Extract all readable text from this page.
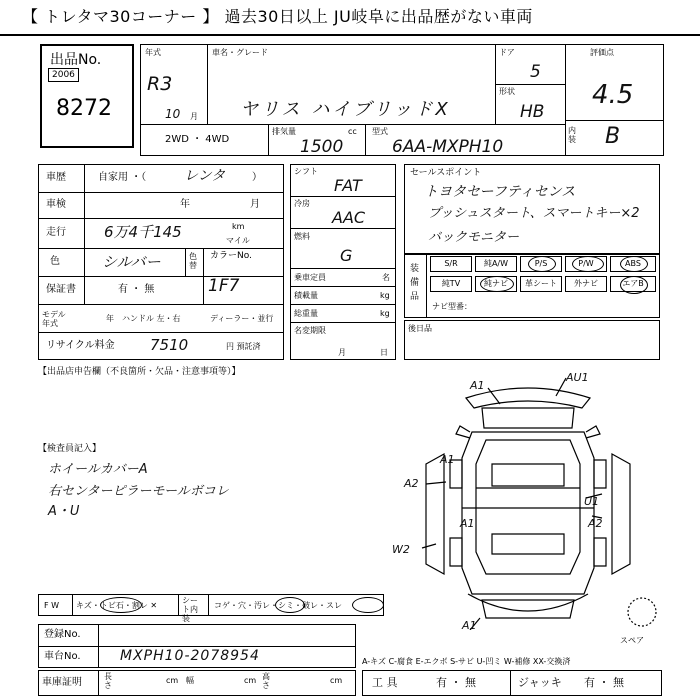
【 トレタマ30コーナー 】 過去30日以上 JU岐阜に出品歴がない車両
出品No.
2006
8272
年式
R3
10 月
車名・グレード
ヤリス ハイブリッドX
ドア
5
形状
HB
評価点
4.5
内装 B
2WD ・ 4WD
排気量	cc
1500
型式
6AA-MXPH10
車歴	自家用 ・（	レンタ	）
車検	年	月
走行	6万4千145	km
マイル
色	シルバー	色替
カラーNo.
1F7
保証書	有 ・ 無
モデル年式
年 ハンドル 左・右	ディーラー・並行
リサイクル料金 7510	円 預託済
シフト
FAT
冷房
AAC
燃料
G
乗車定員	名
積載量	kg
総重量	kg
名変期限
月	日
セールスポイント
トヨタセーフティセンス
プッシュスタート、スマートキー×2
バックモニター
装備品
S/R	純A/W	P/S	P/W	ABS
純TV	純ナビ	革シート	外ナビ	エアB
ナビ型番：
後日品
【出品店申告欄（不良箇所・欠品・注意事項等）】
【検査員記入】
ホイールカバーA
右センターピラーモールボコレ
A・U
A1
AU1
A2
A1
U1
A1	A2
W2
A1
スペア
F W キズ・トビ石・割レ ✕
シート内装
コゲ・穴・汚レ・シミ・破レ・スレ
登録No.
車台No.	MXPH10-2078954
車庫証明
長さ
幅	高さ
cm	cm	cm
A-キズ C-腐食 E-エクボ S-サビ U-凹ミ W-補修 XX-交換済
工 具	有 ・ 無	ジャッキ 有 ・ 無
